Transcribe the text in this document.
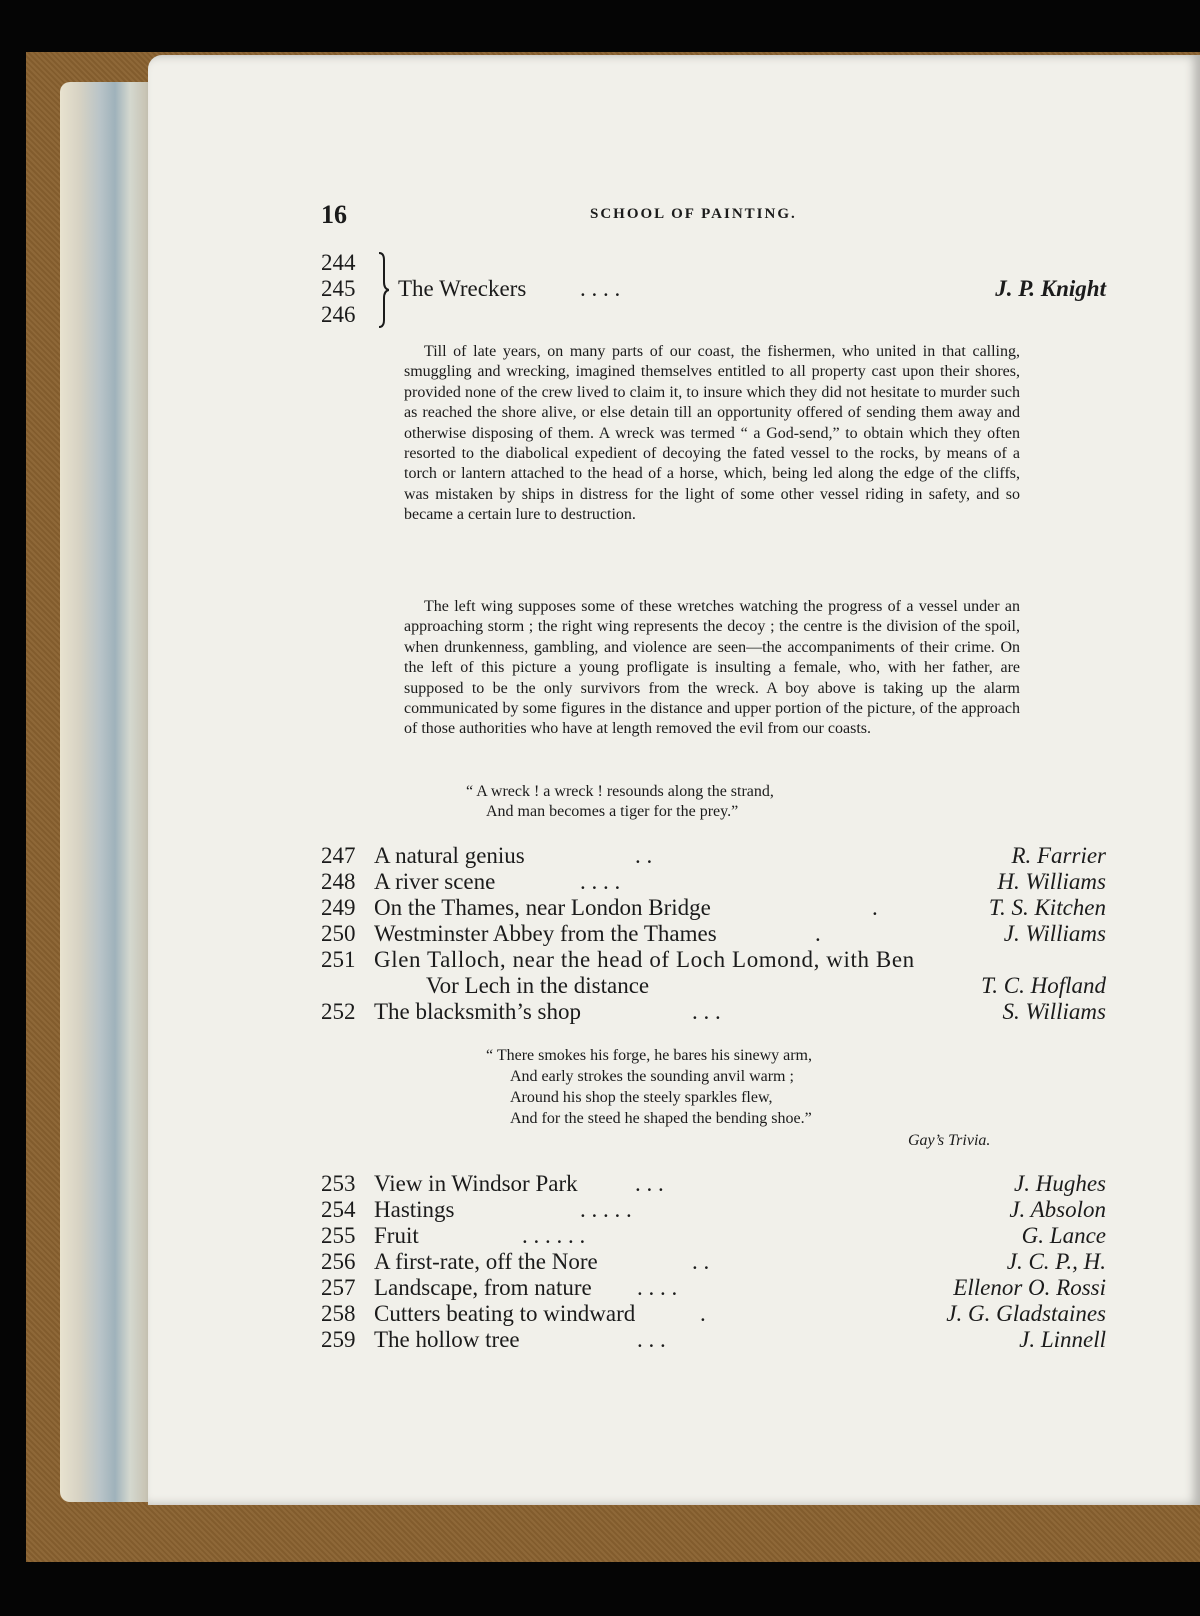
16	SCHOOL OF PAINTING.
244
245
246
The Wreckers . . . .	J. P. Knight

Till of late years, on many parts of our coast, the fishermen, who united in that calling, smuggling and wrecking, imagined themselves entitled to all property cast upon their shores, provided none of the crew lived to claim it, to insure which they did not hesitate to murder such as reached the shore alive, or else detain till an opportunity offered of sending them away and otherwise disposing of them. A wreck was termed “ a God-send,” to obtain which they often resorted to the diabolical expedient of decoying the fated vessel to the rocks, by means of a torch or lantern attached to the head of a horse, which, being led along the edge of the cliffs, was mistaken by ships in distress for the light of some other vessel riding in safety, and so became a certain lure to destruction.

The left wing supposes some of these wretches watching the progress of a vessel under an approaching storm ; the right wing represents the decoy ; the centre is the division of the spoil, when drunkenness, gambling, and violence are seen—the accompaniments of their crime. On the left of this picture a young profligate is insulting a female, who, with her father, are supposed to be the only survivors from the wreck. A boy above is taking up the alarm communicated by some figures in the distance and upper portion of the picture, of the approach of those authorities who have at length removed the evil from our coasts.

“ A wreck ! a wreck ! resounds along the strand,
And man becomes a tiger for the prey.”
247 A natural genius	. .	R. Farrier
248 A river scene	. . . .	H. Williams
249 On the Thames, near London Bridge	.	T. S. Kitchen
250 Westminster Abbey from the Thames	.	J. Williams
251 Glen Talloch, near the head of Loch Lomond, with Ben
Vor Lech in the distance	T. C. Hofland
252 The blacksmith’s shop	. . .	S. Williams
“ There smokes his forge, he bares his sinewy arm,
And early strokes the sounding anvil warm ;
Around his shop the steely sparkles flew,
And for the steed he shaped the bending shoe.”
Gay’s Trivia.
253 View in Windsor Park . . .	J. Hughes
254 Hastings	. . . . .	J. Absolon
255 Fruit	. . . . . .	G. Lance
256 A first-rate, off the Nore	. .	J. C. P., H.
257 Landscape, from nature . . . .	Ellenor O. Rossi
258 Cutters beating to windward	.	J. G. Gladstaines
259 The hollow tree	. . .	J. Linnell
